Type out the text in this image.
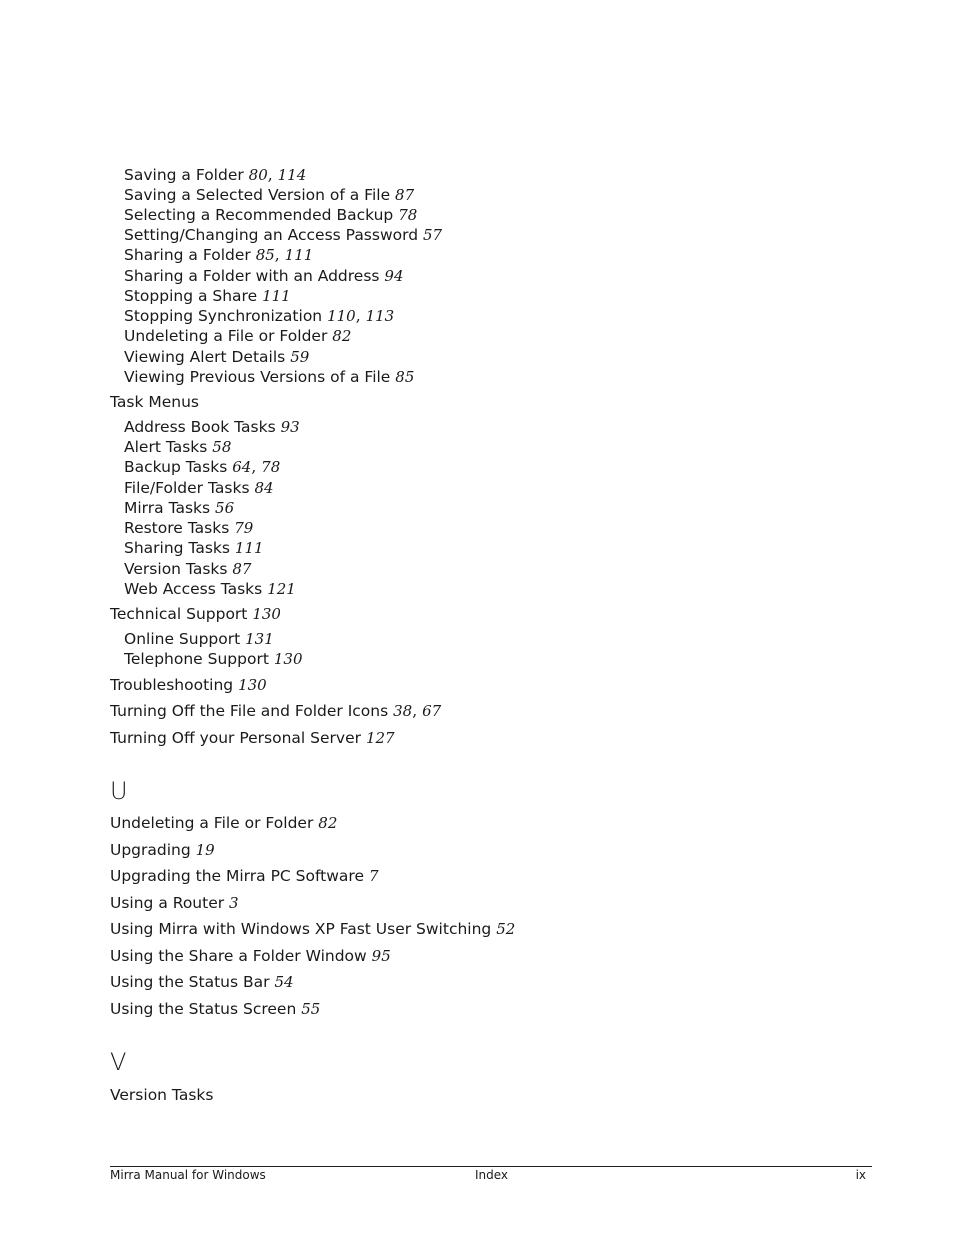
Saving a Folder 80, 114
Saving a Selected Version of a File 87
Selecting a Recommended Backup 78
Setting/Changing an Access Password 57
Sharing a Folder 85, 111
Sharing a Folder with an Address 94
Stopping a Share 111
Stopping Synchronization 110, 113
Undeleting a File or Folder 82
Viewing Alert Details 59
Viewing Previous Versions of a File 85
Task Menus
Address Book Tasks 93
Alert Tasks 58
Backup Tasks 64, 78
File/Folder Tasks 84
Mirra Tasks 56
Restore Tasks 79
Sharing Tasks 111
Version Tasks 87
Web Access Tasks 121
Technical Support 130
Online Support 131
Telephone Support 130
Troubleshooting 130
Turning Off the File and Folder Icons 38, 67
Turning Off your Personal Server 127
U
Undeleting a File or Folder 82
Upgrading 19
Upgrading the Mirra PC Software 7
Using a Router 3
Using Mirra with Windows XP Fast User Switching 52
Using the Share a Folder Window 95
Using the Status Bar 54
Using the Status Screen 55
V
Version Tasks
Mirra Manual for Windows	Index	ix
